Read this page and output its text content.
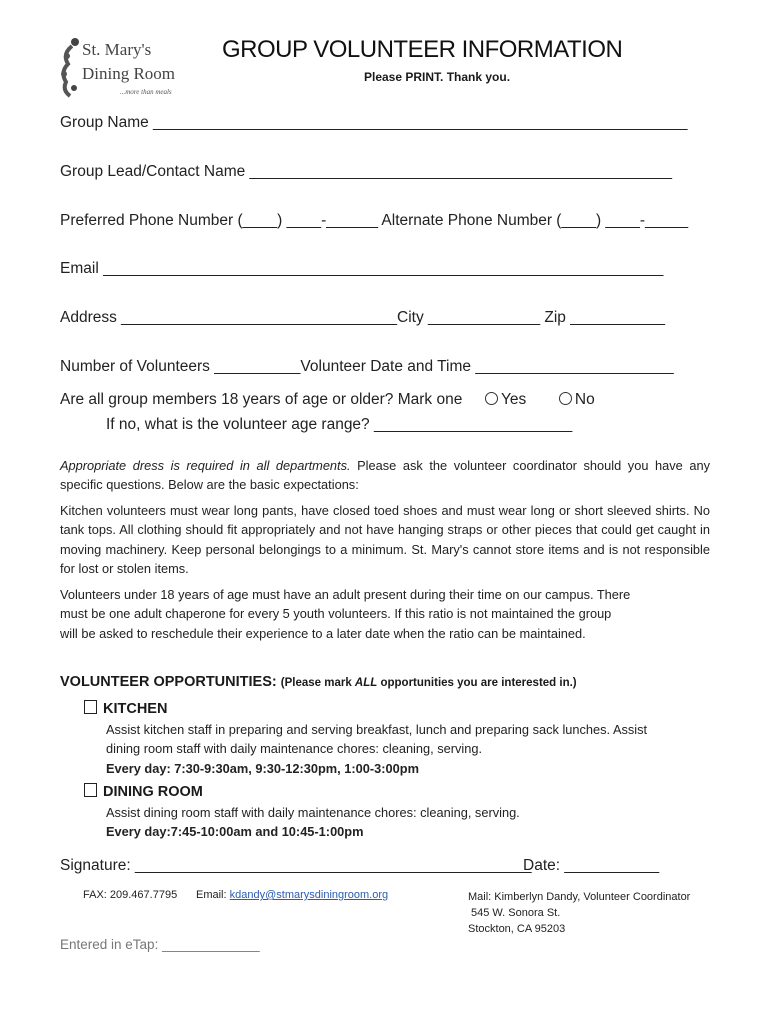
St. Mary's
Dining Room
...more than meals
GROUP VOLUNTEER INFORMATION
Please PRINT. Thank you.
Group Name ______________________________________________________________
Group Lead/Contact Name _________________________________________________
Preferred Phone Number (____) ____-______ Alternate Phone Number (____) ____-_____
Email _________________________________________________________________
Address ________________________________City _____________ Zip ___________
Number of Volunteers __________Volunteer Date and Time _______________________
Are all group members 18 years of age or older? Mark one Yes	No
If no, what is the volunteer age range? _______________________

Appropriate dress is required in all departments. Please ask the volunteer coordinator should you have any specific questions. Below are the basic expectations:

Kitchen volunteers must wear long pants, have closed toed shoes and must wear long or short sleeved shirts. No tank tops. All clothing should fit appropriately and not have hanging straps or other pieces that could get caught in moving machinery. Keep personal belongings to a minimum. St. Mary's cannot store items and is not responsible for lost or stolen items.

Volunteers under 18 years of age must have an adult present during their time on our campus. There

must be one adult chaperone for every 5 youth volunteers. If this ratio is not maintained the group

will be asked to reschedule their experience to a later date when the ratio can be maintained.

VOLUNTEER OPPORTUNITIES: (Please mark ALL opportunities you are interested in.)
KITCHEN
Assist kitchen staff in preparing and serving breakfast, lunch and preparing sack lunches. Assist
dining room staff with daily maintenance chores: cleaning, serving.
Every day: 7:30-9:30am, 9:30-12:30pm, 1:00-3:00pm
DINING ROOM
Assist dining room staff with daily maintenance chores: cleaning, serving.
Every day:7:45-10:00am and 10:45-1:00pm
Signature: ______________________________________________
Date: ___________
FAX: 209.467.7795 Email: kdandy@stmarysdiningroom.org	Mail: Kimberlyn Dandy, Volunteer Coordinator
545 W. Sonora St.
Stockton, CA 95203
Entered in eTap: _____________
